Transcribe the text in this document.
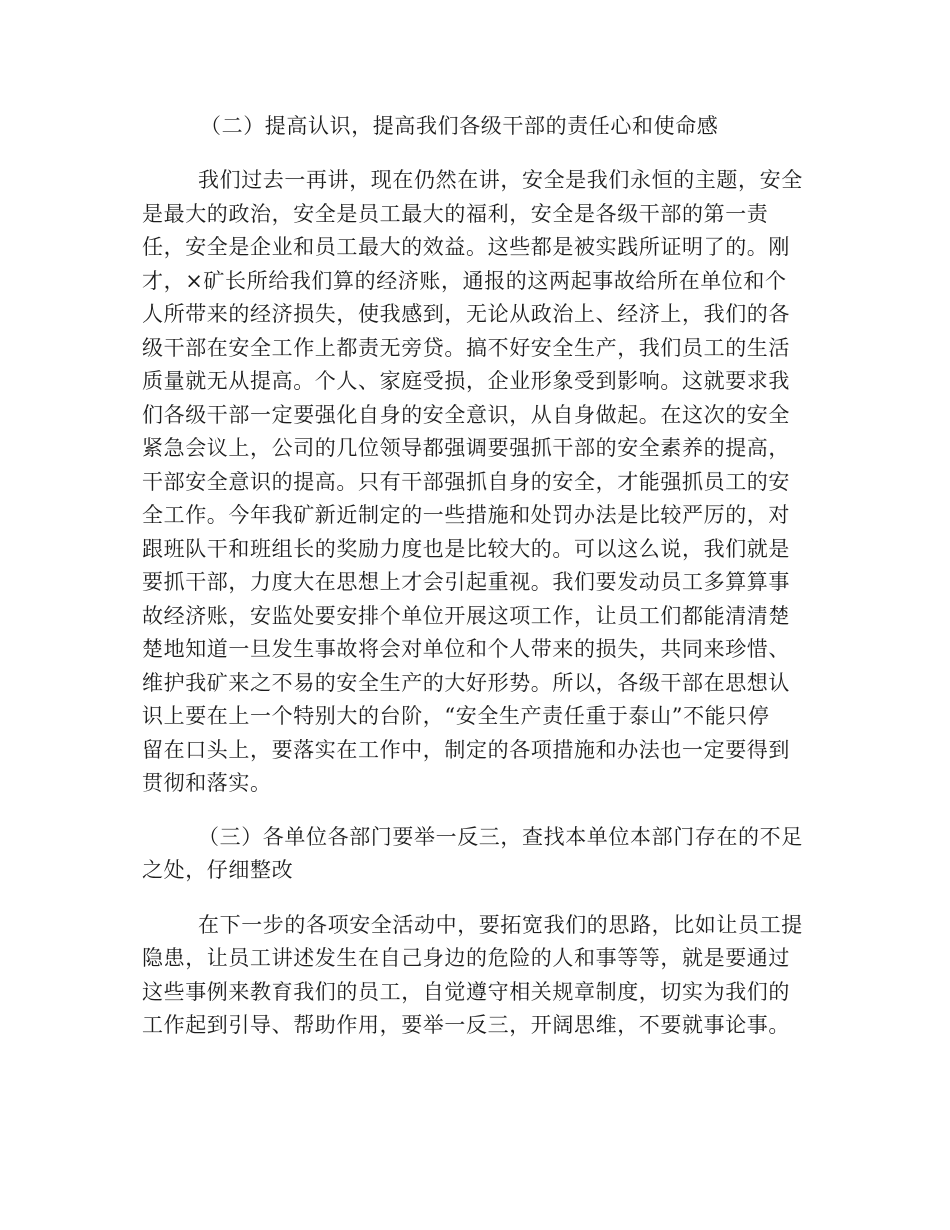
（二）提高认识，提高我们各级干部的责任心和使命感

我们过去一再讲，现在仍然在讲，安全是我们永恒的主题，安全
是最大的政治，安全是员工最大的福利，安全是各级干部的第一责
任，安全是企业和员工最大的效益。这些都是被实践所证明了的。刚
才，×矿长所给我们算的经济账，通报的这两起事故给所在单位和个
人所带来的经济损失，使我感到，无论从政治上、经济上，我们的各
级干部在安全工作上都责无旁贷。搞不好安全生产，我们员工的生活
质量就无从提高。个人、家庭受损，企业形象受到影响。这就要求我
们各级干部一定要强化自身的安全意识，从自身做起。在这次的安全
紧急会议上，公司的几位领导都强调要强抓干部的安全素养的提高，
干部安全意识的提高。只有干部强抓自身的安全，才能强抓员工的安
全工作。今年我矿新近制定的一些措施和处罚办法是比较严厉的，对
跟班队干和班组长的奖励力度也是比较大的。可以这么说，我们就是
要抓干部，力度大在思想上才会引起重视。我们要发动员工多算算事
故经济账，安监处要安排个单位开展这项工作，让员工们都能清清楚
楚地知道一旦发生事故将会对单位和个人带来的损失，共同来珍惜、
维护我矿来之不易的安全生产的大好形势。所以，各级干部在思想认
识上要在上一个特别大的台阶，“安全生产责任重于泰山”不能只停
留在口头上，要落实在工作中，制定的各项措施和办法也一定要得到
贯彻和落实。
（三）各单位各部门要举一反三，查找本单位本部门存在的不足
之处，仔细整改
在下一步的各项安全活动中，要拓宽我们的思路，比如让员工提
隐患，让员工讲述发生在自己身边的危险的人和事等等，就是要通过
这些事例来教育我们的员工，自觉遵守相关规章制度，切实为我们的
工作起到引导、帮助作用，要举一反三，开阔思维，不要就事论事。
